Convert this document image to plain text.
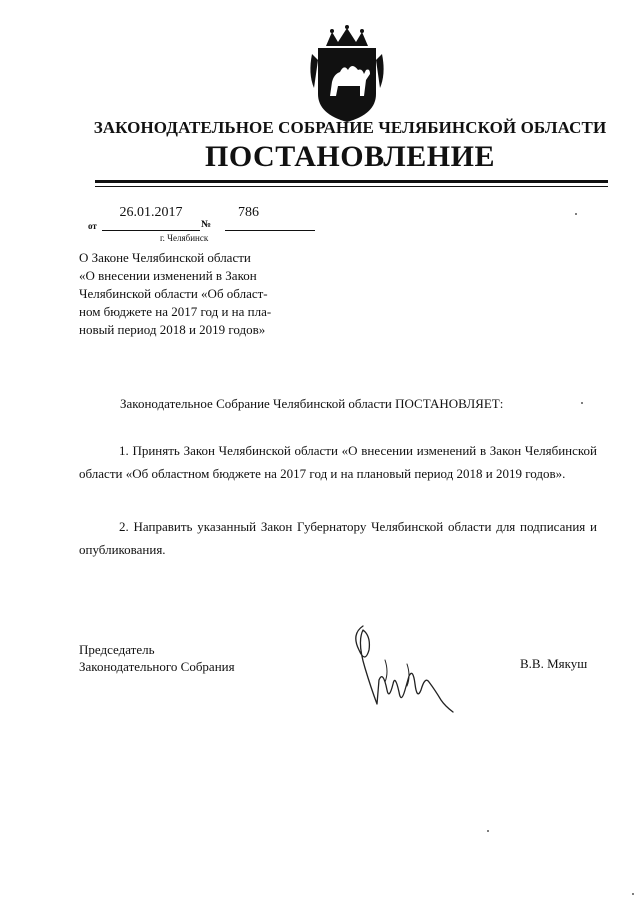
ЗАКОНОДАТЕЛЬНОЕ СОБРАНИЕ ЧЕЛЯБИНСКОЙ ОБЛАСТИ
ПОСТАНОВЛЕНИЕ
от
26.01.2017
№
786
г. Челябинск
О Законе Челябинской области
«О внесении изменений в Закон
Челябинской области «Об област-
ном бюджете на 2017 год и на пла-
новый период 2018 и 2019 годов»
Законодательное Собрание Челябинской области ПОСТАНОВЛЯЕТ:
1. Принять Закон Челябинской области «О внесении изменений в Закон Челябинской области «Об областном бюджете на 2017 год и на плановый период 2018 и 2019 годов».
2. Направить указанный Закон Губернатору Челябинской области для подписания и опубликования.
Председатель
Законодательного Собрания	В.В. Мякуш
